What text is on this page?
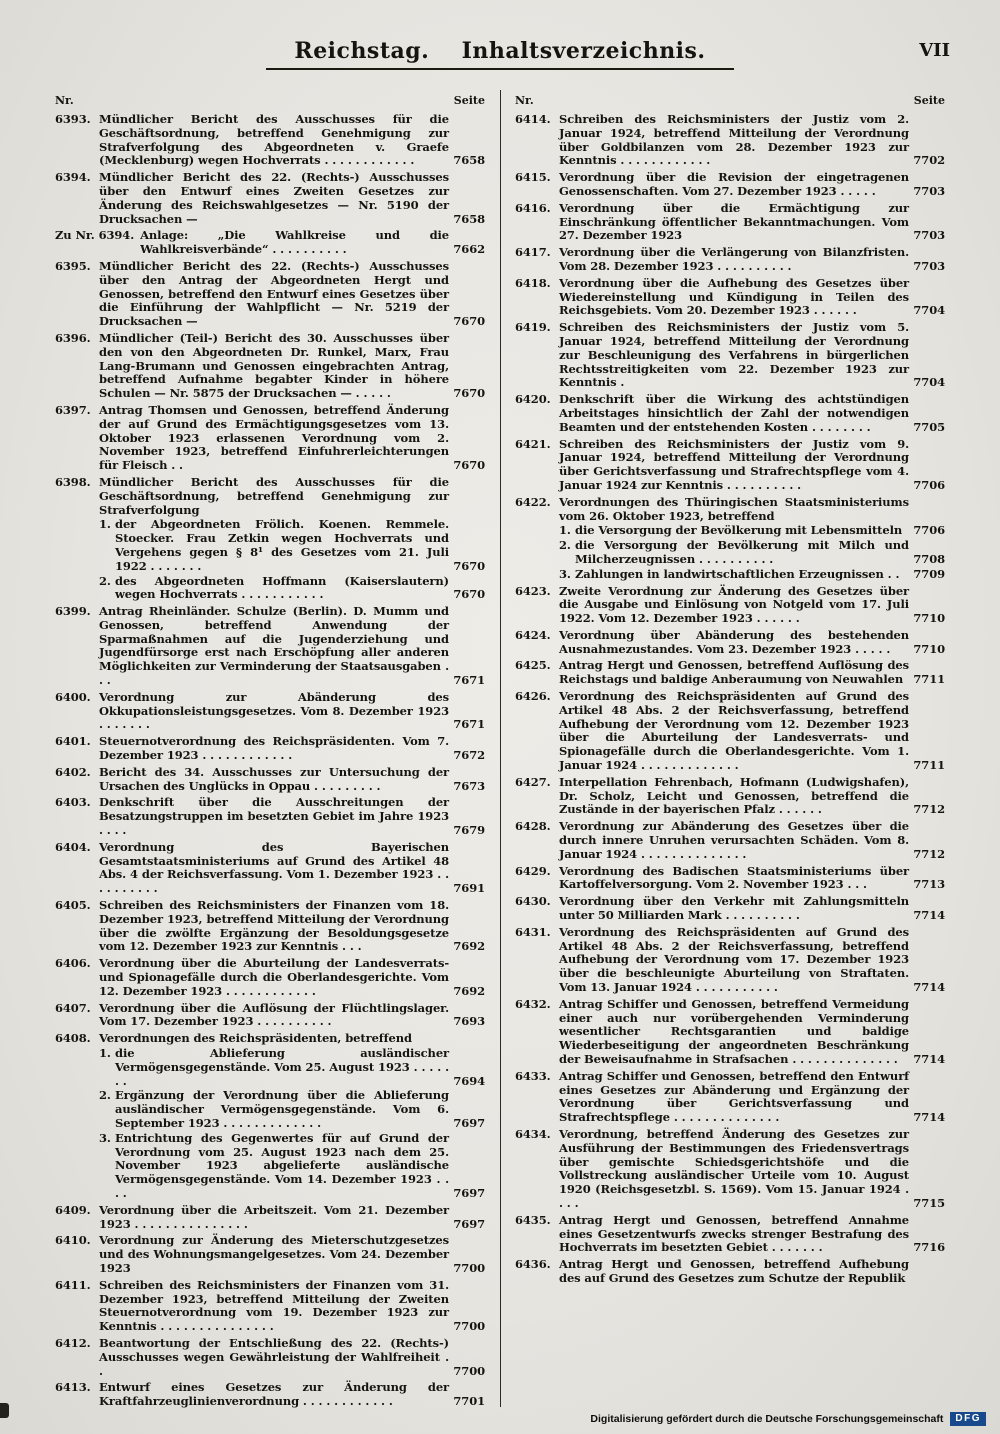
Reichstag. Inhaltsverzeichnis.	VII
Nr.	Seite
6393. Mündlicher Bericht des Ausschusses für die Geschäftsordnung, betreffend Genehmigung zur Strafverfolgung des Abgeordneten v. Graefe (Mecklenburg) wegen Hochverrats . . . . . . . . . . . .	7658
6394. Mündlicher Bericht des 22. (Rechts-) Ausschusses über den Entwurf eines Zweiten Gesetzes zur Änderung des Reichswahlgesetzes — Nr. 5190 der Drucksachen —	7658
Zu Nr. 6394. Anlage: „Die Wahlkreise und die Wahlkreisverbände“ . . . . . . . . . .	7662
6395. Mündlicher Bericht des 22. (Rechts-) Ausschusses über den Antrag der Abgeordneten Hergt und Genossen, betreffend den Entwurf eines Gesetzes über die Einführung der Wahlpflicht — Nr. 5219 der Drucksachen —	7670
6396. Mündlicher (Teil-) Bericht des 30. Ausschusses über den von den Abgeordneten Dr. Runkel, Marx, Frau Lang-Brumann und Genossen eingebrachten Antrag, betreffend Aufnahme begabter Kinder in höhere Schulen — Nr. 5875 der Drucksachen — . . . . .	7670
6397. Antrag Thomsen und Genossen, betreffend Änderung der auf Grund des Ermächtigungsgesetzes vom 13. Oktober 1923 erlassenen Verordnung vom 2. November 1923, betreffend Einfuhrerleichterungen für Fleisch . .	7670
6398. Mündlicher Bericht des Ausschusses für die Geschäftsordnung, betreffend Genehmigung zur Strafverfolgung
1. der Abgeordneten Frölich. Koenen. Remmele. Stoecker. Frau Zetkin wegen Hochverrats und Vergehens gegen § 8¹ des Gesetzes vom 21. Juli 1922 . . . . . . .	7670
2. des Abgeordneten Hoffmann (Kaiserslautern) wegen Hochverrats . . . . . . . . . . .	7670
6399. Antrag Rheinländer. Schulze (Berlin). D. Mumm und Genossen, betreffend Anwendung der Sparmaßnahmen auf die Jugenderziehung und Jugendfürsorge erst nach Erschöpfung aller anderen Möglichkeiten zur Verminderung der Staatsausgaben . . .	7671
6400. Verordnung zur Abänderung des Okkupationsleistungsgesetzes. Vom 8. Dezember 1923 . . . . . . .	7671
6401. Steuernotverordnung des Reichspräsidenten. Vom 7. Dezember 1923 . . . . . . . . . . . .	7672
6402. Bericht des 34. Ausschusses zur Untersuchung der Ursachen des Unglücks in Oppau . . . . . . . . .	7673
6403. Denkschrift über die Ausschreitungen der Besatzungstruppen im besetzten Gebiet im Jahre 1923 . . . .	7679
6404. Verordnung des Bayerischen Gesamtstaatsministeriums auf Grund des Artikel 48 Abs. 4 der Reichsverfassung. Vom 1. Dezember 1923 . . . . . . . . . .	7691
6405. Schreiben des Reichsministers der Finanzen vom 18. Dezember 1923, betreffend Mitteilung der Verordnung über die zwölfte Ergänzung der Besoldungsgesetze vom 12. Dezember 1923 zur Kenntnis . . .	7692
6406. Verordnung über die Aburteilung der Landesverrats- und Spionagefälle durch die Oberlandesgerichte. Vom 12. Dezember 1923 . . . . . . . . . . . .	7692
6407. Verordnung über die Auflösung der Flüchtlingslager. Vom 17. Dezember 1923 . . . . . . . . . .	7693
6408. Verordnungen des Reichspräsidenten, betreffend
1. die Ablieferung ausländischer Vermögensgegenstände. Vom 25. August 1923 . . . . . . .	7694
2. Ergänzung der Verordnung über die Ablieferung ausländischer Vermögensgegenstände. Vom 6. September 1923 . . . . . . . . . . . . .	7697
3. Entrichtung des Gegenwertes für auf Grund der Verordnung vom 25. August 1923 nach dem 25. November 1923 abgelieferte ausländische Vermögensgegenstände. Vom 14. Dezember 1923 . . . .	7697
6409. Verordnung über die Arbeitszeit. Vom 21. Dezember 1923 . . . . . . . . . . . . . . .	7697
6410. Verordnung zur Änderung des Mieterschutzgesetzes und des Wohnungsmangelgesetzes. Vom 24. Dezember 1923	7700
6411. Schreiben des Reichsministers der Finanzen vom 31. Dezember 1923, betreffend Mitteilung der Zweiten Steuernotverordnung vom 19. Dezember 1923 zur Kenntnis . . . . . . . . . . . . . . .	7700
6412. Beantwortung der Entschließung des 22. (Rechts-) Ausschusses wegen Gewährleistung der Wahlfreiheit . .	7700
6413. Entwurf eines Gesetzes zur Änderung der Kraftfahrzeuglinienverordnung . . . . . . . . . . . .	7701
Nr.	Seite
6414. Schreiben des Reichsministers der Justiz vom 2. Januar 1924, betreffend Mitteilung der Verordnung über Goldbilanzen vom 28. Dezember 1923 zur Kenntnis . . . . . . . . . . . .	7702
6415. Verordnung über die Revision der eingetragenen Genossenschaften. Vom 27. Dezember 1923 . . . . .	7703
6416. Verordnung über die Ermächtigung zur Einschränkung öffentlicher Bekanntmachungen. Vom 27. Dezember 1923	7703
6417. Verordnung über die Verlängerung von Bilanzfristen. Vom 28. Dezember 1923 . . . . . . . . . .	7703
6418. Verordnung über die Aufhebung des Gesetzes über Wiedereinstellung und Kündigung in Teilen des Reichsgebiets. Vom 20. Dezember 1923 . . . . . .	7704
6419. Schreiben des Reichsministers der Justiz vom 5. Januar 1924, betreffend Mitteilung der Verordnung zur Beschleunigung des Verfahrens in bürgerlichen Rechtsstreitigkeiten vom 22. Dezember 1923 zur Kenntnis .	7704
6420. Denkschrift über die Wirkung des achtstündigen Arbeitstages hinsichtlich der Zahl der notwendigen Beamten und der entstehenden Kosten . . . . . . . .	7705
6421. Schreiben des Reichsministers der Justiz vom 9. Januar 1924, betreffend Mitteilung der Verordnung über Gerichtsverfassung und Strafrechtspflege vom 4. Januar 1924 zur Kenntnis . . . . . . . . . .	7706
6422. Verordnungen des Thüringischen Staatsministeriums vom 26. Oktober 1923, betreffend
1. die Versorgung der Bevölkerung mit Lebensmitteln 7706
2. die Versorgung der Bevölkerung mit Milch und Milcherzeugnissen . . . . . . . . . .	7708
3. Zahlungen in landwirtschaftlichen Erzeugnissen . .	7709
6423. Zweite Verordnung zur Änderung des Gesetzes über die Ausgabe und Einlösung von Notgeld vom 17. Juli 1922. Vom 12. Dezember 1923 . . . . . .	7710
6424. Verordnung über Abänderung des bestehenden Ausnahmezustandes. Vom 23. Dezember 1923 . . . . .	7710
6425. Antrag Hergt und Genossen, betreffend Auflösung des Reichstags und baldige Anberaumung von Neuwahlen 7711
6426. Verordnung des Reichspräsidenten auf Grund des Artikel 48 Abs. 2 der Reichsverfassung, betreffend Aufhebung der Verordnung vom 12. Dezember 1923 über die Aburteilung der Landesverrats- und Spionagefälle durch die Oberlandesgerichte. Vom 1. Januar 1924 . . . . . . . . . . . . .	7711
6427. Interpellation Fehrenbach, Hofmann (Ludwigshafen), Dr. Scholz, Leicht und Genossen, betreffend die Zustände in der bayerischen Pfalz . . . . . .	7712
6428. Verordnung zur Abänderung des Gesetzes über die durch innere Unruhen verursachten Schäden. Vom 8. Januar 1924 . . . . . . . . . . . . . .	7712
6429. Verordnung des Badischen Staatsministeriums über Kartoffelversorgung. Vom 2. November 1923 . . .	7713
6430. Verordnung über den Verkehr mit Zahlungsmitteln unter 50 Milliarden Mark . . . . . . . . . .	7714
6431. Verordnung des Reichspräsidenten auf Grund des Artikel 48 Abs. 2 der Reichsverfassung, betreffend Aufhebung der Verordnung vom 17. Dezember 1923 über die beschleunigte Aburteilung von Straftaten. Vom 13. Januar 1924 . . . . . . . . . . .	7714
6432. Antrag Schiffer und Genossen, betreffend Vermeidung einer auch nur vorübergehenden Verminderung wesentlicher Rechtsgarantien und baldige Wiederbeseitigung der angeordneten Beschränkung der Beweisaufnahme in Strafsachen . . . . . . . . . . . . . .	7714
6433. Antrag Schiffer und Genossen, betreffend den Entwurf eines Gesetzes zur Abänderung und Ergänzung der Verordnung über Gerichtsverfassung und Strafrechtspflege . . . . . . . . . . . . . .	7714
6434. Verordnung, betreffend Änderung des Gesetzes zur Ausführung der Bestimmungen des Friedensvertrags über gemischte Schiedsgerichtshöfe und die Vollstreckung ausländischer Urteile vom 10. August 1920 (Reichsgesetzbl. S. 1569). Vom 15. Januar 1924 . . . .	7715
6435. Antrag Hergt und Genossen, betreffend Annahme eines Gesetzentwurfs zwecks strenger Bestrafung des Hochverrats im besetzten Gebiet . . . . . . .	7716
6436. Antrag Hergt und Genossen, betreffend Aufhebung des auf Grund des Gesetzes zum Schutze der Republik
Digitalisierung gefördert durch die Deutsche Forschungsgemeinschaft	DFG
